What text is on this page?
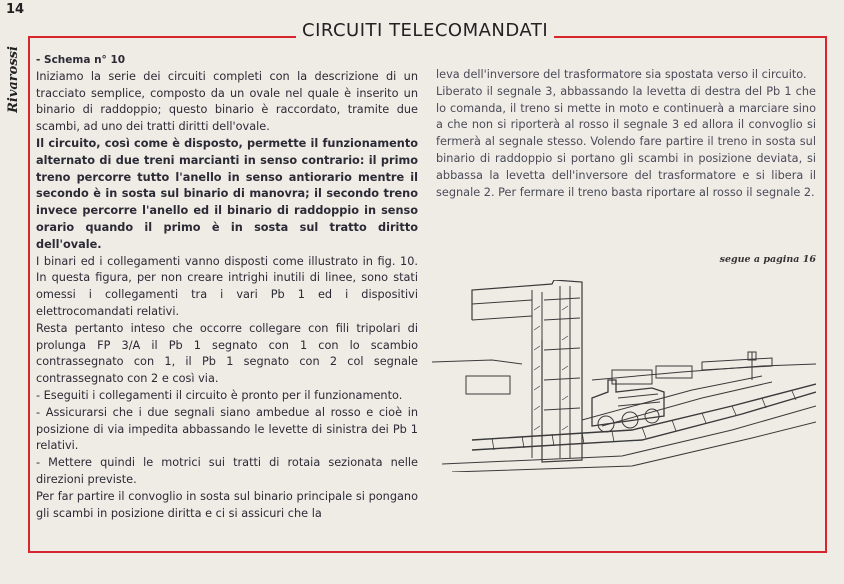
14
Rivarossi
CIRCUITI TELECOMANDATI

- Schema n° 10

Iniziamo la serie dei circuiti completi con la descrizione di un tracciato semplice, composto da un ovale nel quale è inserito un binario di raddoppio; questo binario è raccordato, tramite due scambi, ad uno dei tratti diritti dell'ovale.

Il circuito, così come è disposto, permette il funzionamento alternato di due treni marcianti in senso contrario: il primo treno percorre tutto l'anello in senso antiorario mentre il secondo è in sosta sul binario di manovra; il secondo treno invece percorre l'anello ed il binario di raddoppio in senso orario quando il primo è in sosta sul tratto diritto dell'ovale.

I binari ed i collegamenti vanno disposti come illustrato in fig. 10. In questa figura, per non creare intrighi inutili di linee, sono stati omessi i collegamenti tra i vari Pb 1 ed i dispositivi elettrocomandati relativi.

Resta pertanto inteso che occorre collegare con fili tripolari di prolunga FP 3/A il Pb 1 segnato con 1 con lo scambio contrassegnato con 1, il Pb 1 segnato con 2 col segnale contrassegnato con 2 e così via.

- Eseguiti i collegamenti il circuito è pronto per il funzionamento.

- Assicurarsi che i due segnali siano ambedue al rosso e cioè in posizione di via impedita abbassando le levette di sinistra dei Pb 1 relativi.

- Mettere quindi le motrici sui tratti di rotaia sezionata nelle direzioni previste.

Per far partire il convoglio in sosta sul binario principale si pongano gli scambi in posizione diritta e ci si assicuri che la

leva dell'inversore del trasformatore sia spostata verso il circuito.

Liberato il segnale 3, abbassando la levetta di destra del Pb 1 che lo comanda, il treno si mette in moto e continuerà a marciare sino a che non si riporterà al rosso il segnale 3 ed allora il convoglio si fermerà al segnale stesso. Volendo fare partire il treno in sosta sul binario di raddoppio si portano gli scambi in posizione deviata, si abbassa la levetta dell'inversore del trasformatore e si libera il segnale 2. Per fermare il treno basta riportare al rosso il segnale 2.

segue a pagina 16
